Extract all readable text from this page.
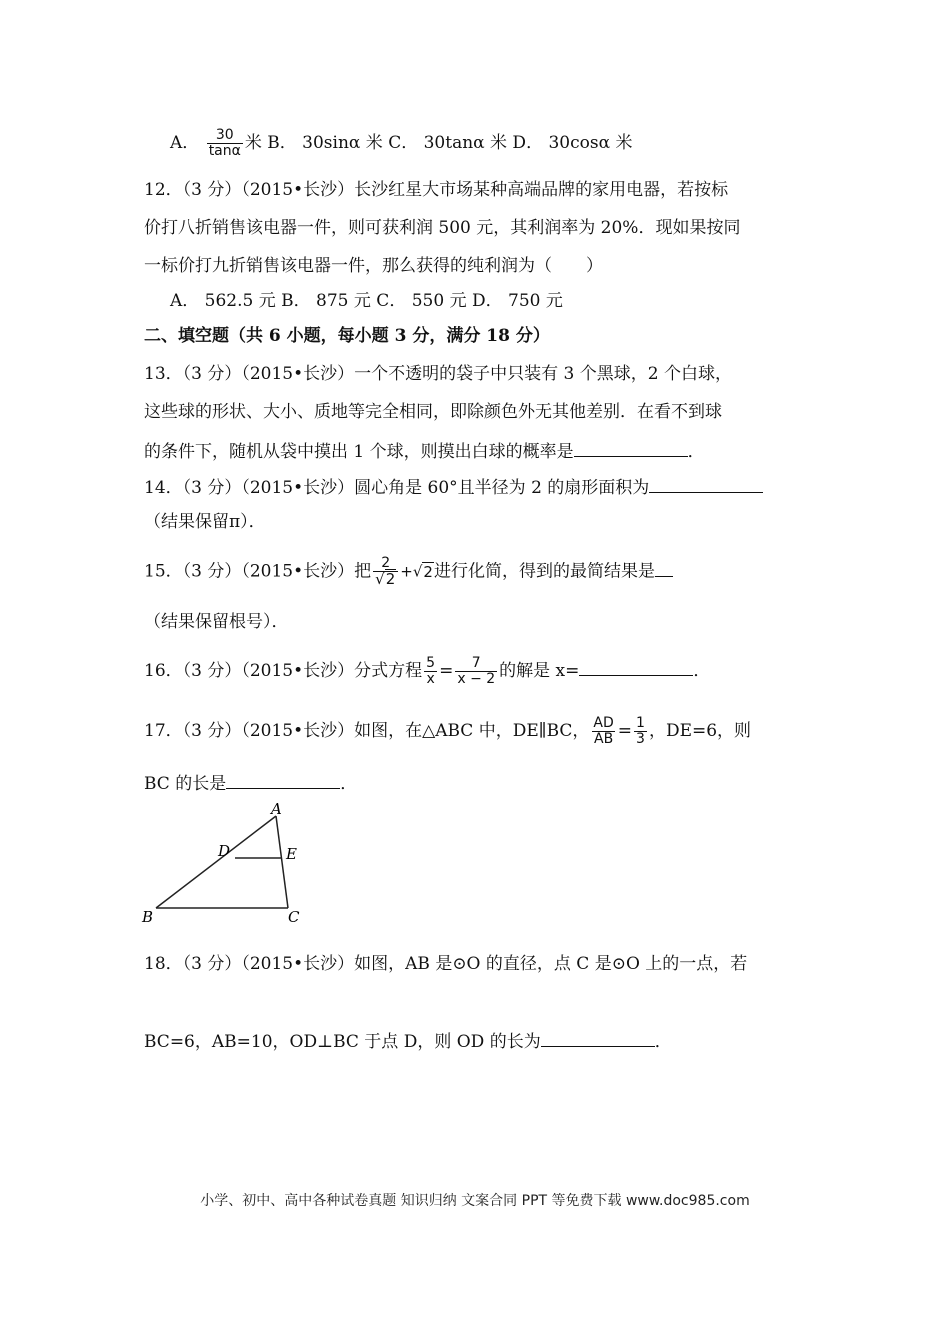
A． $\frac{30}{\tan\alpha}$ 米 B． 30sinα 米 C． 30tanα 米 D． 30cosα 米
12．（3 分）（2015•长沙）长沙红星大市场某种高端品牌的家用电器，若按标
价打八折销售该电器一件，则可获利润 500 元，其利润率为 20%．现如果按同
一标价打九折销售该电器一件，那么获得的纯利润为（　　）
A． 562.5 元 B． 875 元 C． 550 元 D． 750 元
二、填空题（共 6 小题，每小题 3 分，满分 18 分）
13．（3 分）（2015•长沙）一个不透明的袋子中只装有 3 个黑球，2 个白球，
这些球的形状、大小、质地等完全相同，即除颜色外无其他差别．在看不到球
的条件下，随机从袋中摸出 1 个球，则摸出白球的概率是	．
14．（3 分）（2015•长沙）圆心角是 60°且半径为 2 的扇形面积为
（结果保留π）．
15．（3 分）（2015•长沙）把 $\frac{2}{√2} +√2$进行化简，得到的最简结果是
（结果保留根号）．
16．（3 分）（2015•长沙）分式方程 $\frac{5}{x} = \frac{7}{x - 2}$ 的解是 x=	．
17．（3 分）（2015•长沙）如图，在△ABC 中，DE∥BC， $\frac{AD}{AB} = \frac{1}{3}$ ，DE=6，则
BC 的长是	．
A
B	C
D	E
18．（3 分）（2015•长沙）如图，AB 是⊙O 的直径，点 C 是⊙O 上的一点，若
BC=6，AB=10，OD⊥BC 于点 D，则 OD 的长为	．
小学、初中、高中各种试卷真题 知识归纳 文案合同 PPT 等免费下载 www.doc985.com
